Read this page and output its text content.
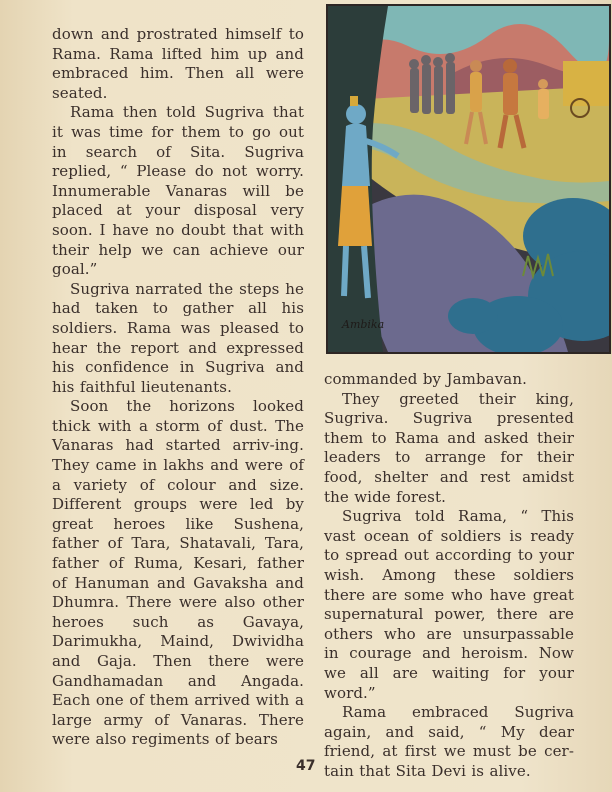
down and prostrated himself to Rama. Rama lifted him up and embraced him. Then all were seated.

Rama then told Sugriva that it was time for them to go out in search of Sita. Sugriva replied, “ Please do not worry. Innumerable Vanaras will be placed at your disposal very soon. I have no doubt that with their help we can achieve our goal.”

Sugriva narrated the steps he had taken to gather all his soldiers. Rama was pleased to hear the report and expressed his confidence in Sugriva and his faithful lieutenants.

Soon the horizons looked thick with a storm of dust. The Vanaras had started arriv-ing. They came in lakhs and were of a variety of colour and size. Different groups were led by great heroes like Sushena, father of Tara, Shatavali, Tara, father of Ruma, Kesari, father of Hanuman and Gavaksha and Dhumra. There were also other heroes such as Gavaya, Darimukha, Maind, Dwividha and Gaja. Then there were Gandhamadan and Angada. Each one of them arrived with a large army of Vanaras. There were also regiments of bears

Ambika

commanded by Jambavan.

They greeted their king, Sugriva. Sugriva presented them to Rama and asked their leaders to arrange for their food, shelter and rest amidst the wide forest.

Sugriva told Rama, “ This vast ocean of soldiers is ready to spread out according to your wish. Among these soldiers there are some who have great supernatural power, there are others who are unsurpassable in courage and heroism. Now we all are waiting for your word.”

Rama embraced Sugriva again, and said, “ My dear friend, at first we must be cer-tain that Sita Devi is alive.

47
